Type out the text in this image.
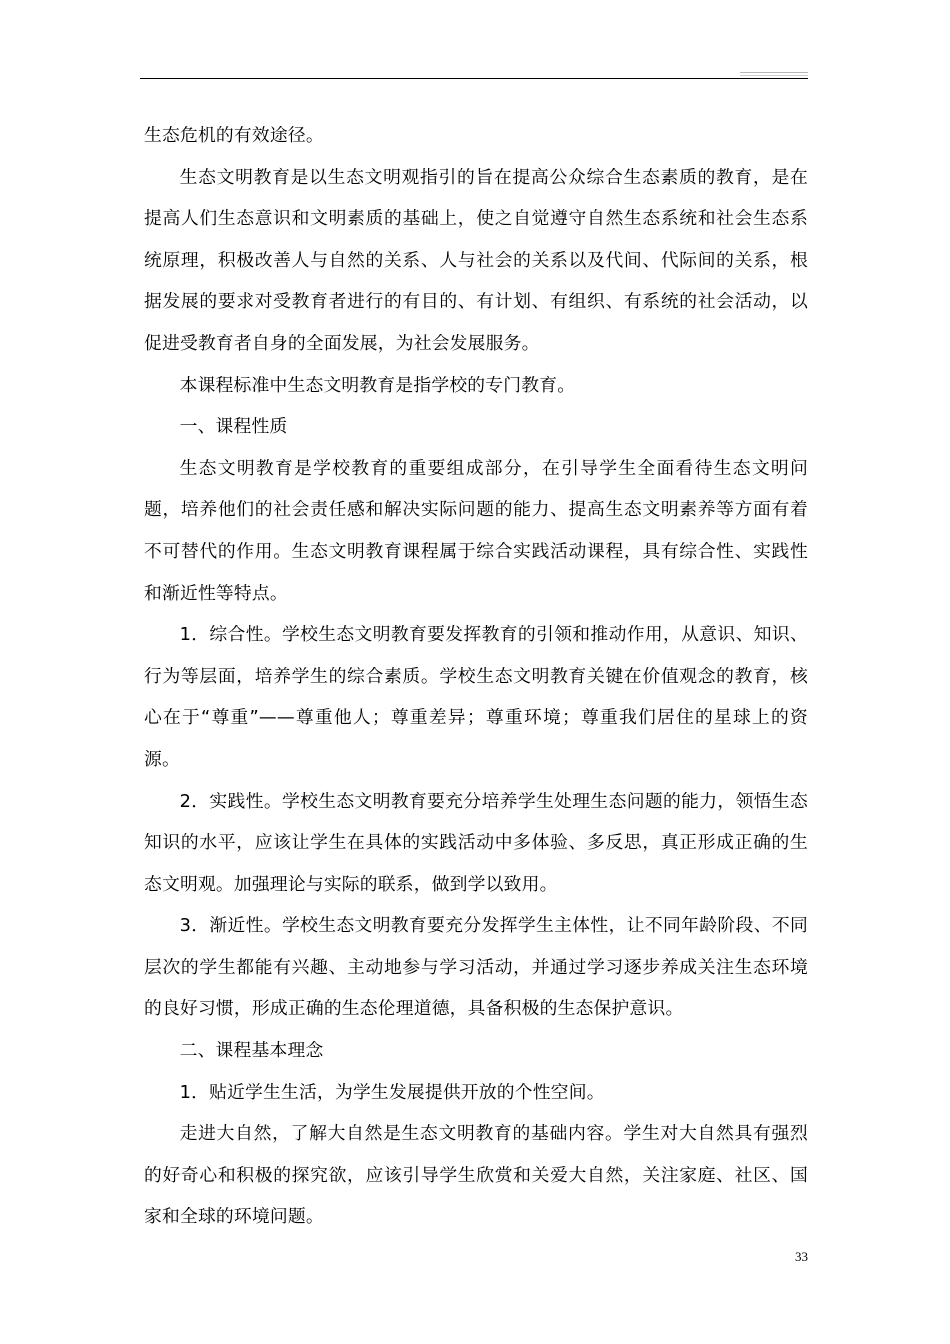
生态危机的有效途径。

生态文明教育是以生态文明观指引的旨在提高公众综合生态素质的教育，是在提高人们生态意识和文明素质的基础上，使之自觉遵守自然生态系统和社会生态系统原理，积极改善人与自然的关系、人与社会的关系以及代间、代际间的关系，根据发展的要求对受教育者进行的有目的、有计划、有组织、有系统的社会活动，以促进受教育者自身的全面发展，为社会发展服务。

本课程标准中生态文明教育是指学校的专门教育。

一、课程性质

生态文明教育是学校教育的重要组成部分，在引导学生全面看待生态文明问题，培养他们的社会责任感和解决实际问题的能力、提高生态文明素养等方面有着不可替代的作用。生态文明教育课程属于综合实践活动课程，具有综合性、实践性和渐近性等特点。

1．综合性。学校生态文明教育要发挥教育的引领和推动作用，从意识、知识、行为等层面，培养学生的综合素质。学校生态文明教育关键在价值观念的教育，核心在于“尊重”——尊重他人；尊重差异；尊重环境；尊重我们居住的星球上的资源。

2．实践性。学校生态文明教育要充分培养学生处理生态问题的能力，领悟生态知识的水平，应该让学生在具体的实践活动中多体验、多反思，真正形成正确的生态文明观。加强理论与实际的联系，做到学以致用。

3．渐近性。学校生态文明教育要充分发挥学生主体性，让不同年龄阶段、不同层次的学生都能有兴趣、主动地参与学习活动，并通过学习逐步养成关注生态环境的良好习惯，形成正确的生态伦理道德，具备积极的生态保护意识。

二、课程基本理念

1．贴近学生生活，为学生发展提供开放的个性空间。

走进大自然，了解大自然是生态文明教育的基础内容。学生对大自然具有强烈的好奇心和积极的探究欲，应该引导学生欣赏和关爱大自然，关注家庭、社区、国家和全球的环境问题。

33
